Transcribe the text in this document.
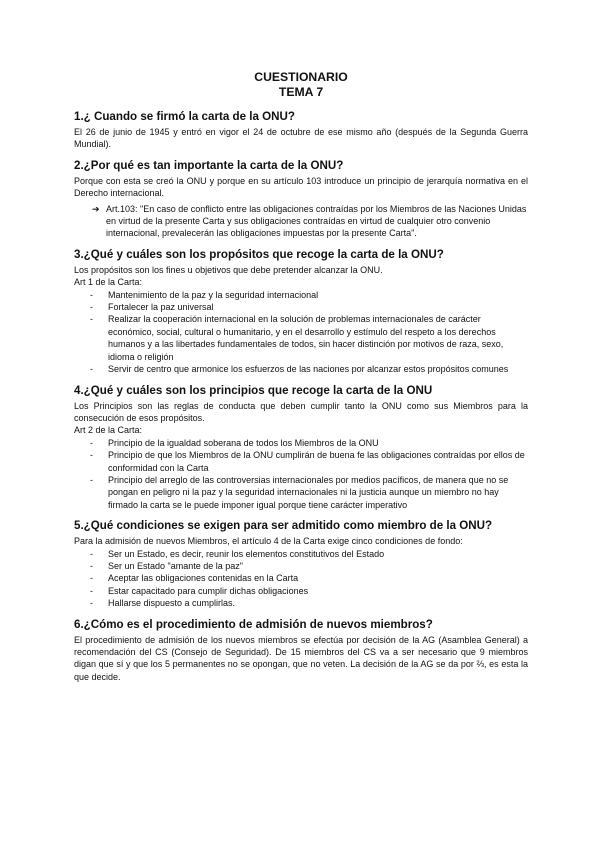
CUESTIONARIO

TEMA 7

1.¿ Cuando se firmó la carta de la ONU?

El 26 de junio de 1945 y entró en vigor el 24 de octubre de ese mismo año (después de la Segunda Guerra Mundial).

2.¿Por qué es tan importante la carta de la ONU?

Porque con esta se creó la ONU y porque en su artículo 103 introduce un principio de jerarquía normativa en el Derecho internacional.

➔ Art.103: "En caso de conflicto entre las obligaciones contraídas por los Miembros de las Naciones Unidas en virtud de la presente Carta y sus obligaciones contraídas en virtud de cualquier otro convenio internacional, prevalecerán las obligaciones impuestas por la presente Carta".

3.¿Qué y cuáles son los propósitos que recoge la carta de la ONU?

Los propósitos son los fines u objetivos que debe pretender alcanzar la ONU.

Art 1 de la Carta:

-	Mantenimiento de la paz y la seguridad internacional
-	Fortalecer la paz universal
-	Realizar la cooperación internacional en la solución de problemas internacionales de carácter económico, social, cultural o humanitario, y en el desarrollo y estímulo del respeto a los derechos humanos y a las libertades fundamentales de todos, sin hacer distinción por motivos de raza, sexo, idioma o religión
-	Servir de centro que armonice los esfuerzos de las naciones por alcanzar estos propósitos comunes

4.¿Qué y cuáles son los principios que recoge la carta de la ONU

Los Principios son las reglas de conducta que deben cumplir tanto la ONU como sus Miembros para la consecución de esos propósitos.

Art 2 de la Carta:

-	Principio de la igualdad soberana de todos los Miembros de la ONU
-	Principio de que los Miembros de la ONU cumplirán de buena fe las obligaciones contraídas por ellos de conformidad con la Carta
-	Principio del arreglo de las controversias internacionales por medios pacíficos, de manera que no se pongan en peligro ni la paz y la seguridad internacionales ni la justicia aunque un miembro no hay firmado la carta se le puede imponer igual porque tiene carácter imperativo

5.¿Qué condiciones se exigen para ser admitido como miembro de la ONU?

Para la admisión de nuevos Miembros, el artículo 4 de la Carta exige cinco condiciones de fondo:

-	Ser un Estado, es decir, reunir los elementos constitutivos del Estado
-	Ser un Estado "amante de la paz"
-	Aceptar las obligaciones contenidas en la Carta
-	Estar capacitado para cumplir dichas obligaciones
-	Hallarse dispuesto a cumplirlas.

6.¿Cómo es el procedimiento de admisión de nuevos miembros?

El procedimiento de admisión de los nuevos miembros se efectúa por decisión de la AG (Asamblea General) a recomendación del CS (Consejo de Seguridad). De 15 miembros del CS va a ser necesario que 9 miembros digan que sí y que los 5 permanentes no se opongan, que no veten. La decisión de la AG se da por ⅔, es esta la que decide.
